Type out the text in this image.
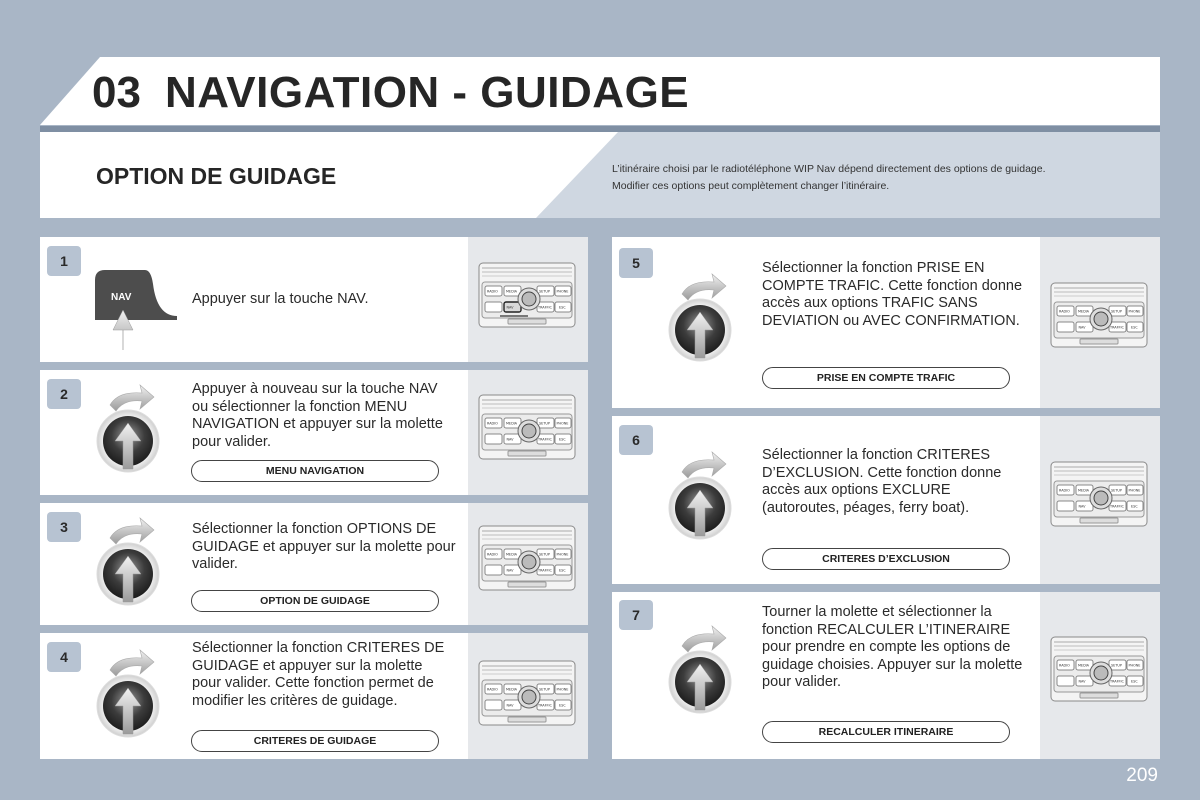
03 NAVIGATION - GUIDAGE
OPTION DE GUIDAGE	L’itinéraire choisi par le radiotéléphone WIP Nav dépend directement des options de guidage.
Modifier ces options peut complètement changer l’itinéraire.
1
NAV	Appuyer sur la touche NAV.
2	Appuyer à nouveau sur la touche NAV ou sélectionner la fonction MENU NAVIGATION et appuyer sur la molette pour valider.
MENU NAVIGATION
3	Sélectionner la fonction OPTIONS DE GUIDAGE et appuyer sur la molette pour valider.
OPTION DE GUIDAGE
4
Sélectionner la fonction CRITERES DE GUIDAGE et appuyer sur la molette pour valider. Cette fonction permet de modifier les critères de guidage.
CRITERES DE GUIDAGE
5	Sélectionner la fonction PRISE EN COMPTE TRAFIC. Cette fonction donne accès aux options TRAFIC SANS DEVIATION ou AVEC CONFIRMATION.
PRISE EN COMPTE TRAFIC
6
Sélectionner la fonction CRITERES D’EXCLUSION. Cette fonction donne accès aux options EXCLURE (autoroutes, péages, ferry boat).
CRITERES D’EXCLUSION
7	Tourner la molette et sélectionner la fonction RECALCULER L’ITINERAIRE pour prendre en compte les options de guidage choisies. Appuyer sur la molette pour valider.
RECALCULER ITINERAIRE
RADIO MEDIA	SETUP PHONE
NAV	TRAFFIC ESC
RADIO MEDIA	SETUP PHONE
NAV	TRAFFIC ESC
RADIO MEDIA	SETUP PHONE
NAV	TRAFFIC ESC
RADIO MEDIA	SETUP PHONE
NAV	TRAFFIC ESC
RADIO MEDIA	SETUP PHONE
NAV	TRAFFIC ESC
RADIO MEDIA	SETUP PHONE
NAV	TRAFFIC ESC
RADIO MEDIA	SETUP PHONE
NAV	TRAFFIC ESC
209
